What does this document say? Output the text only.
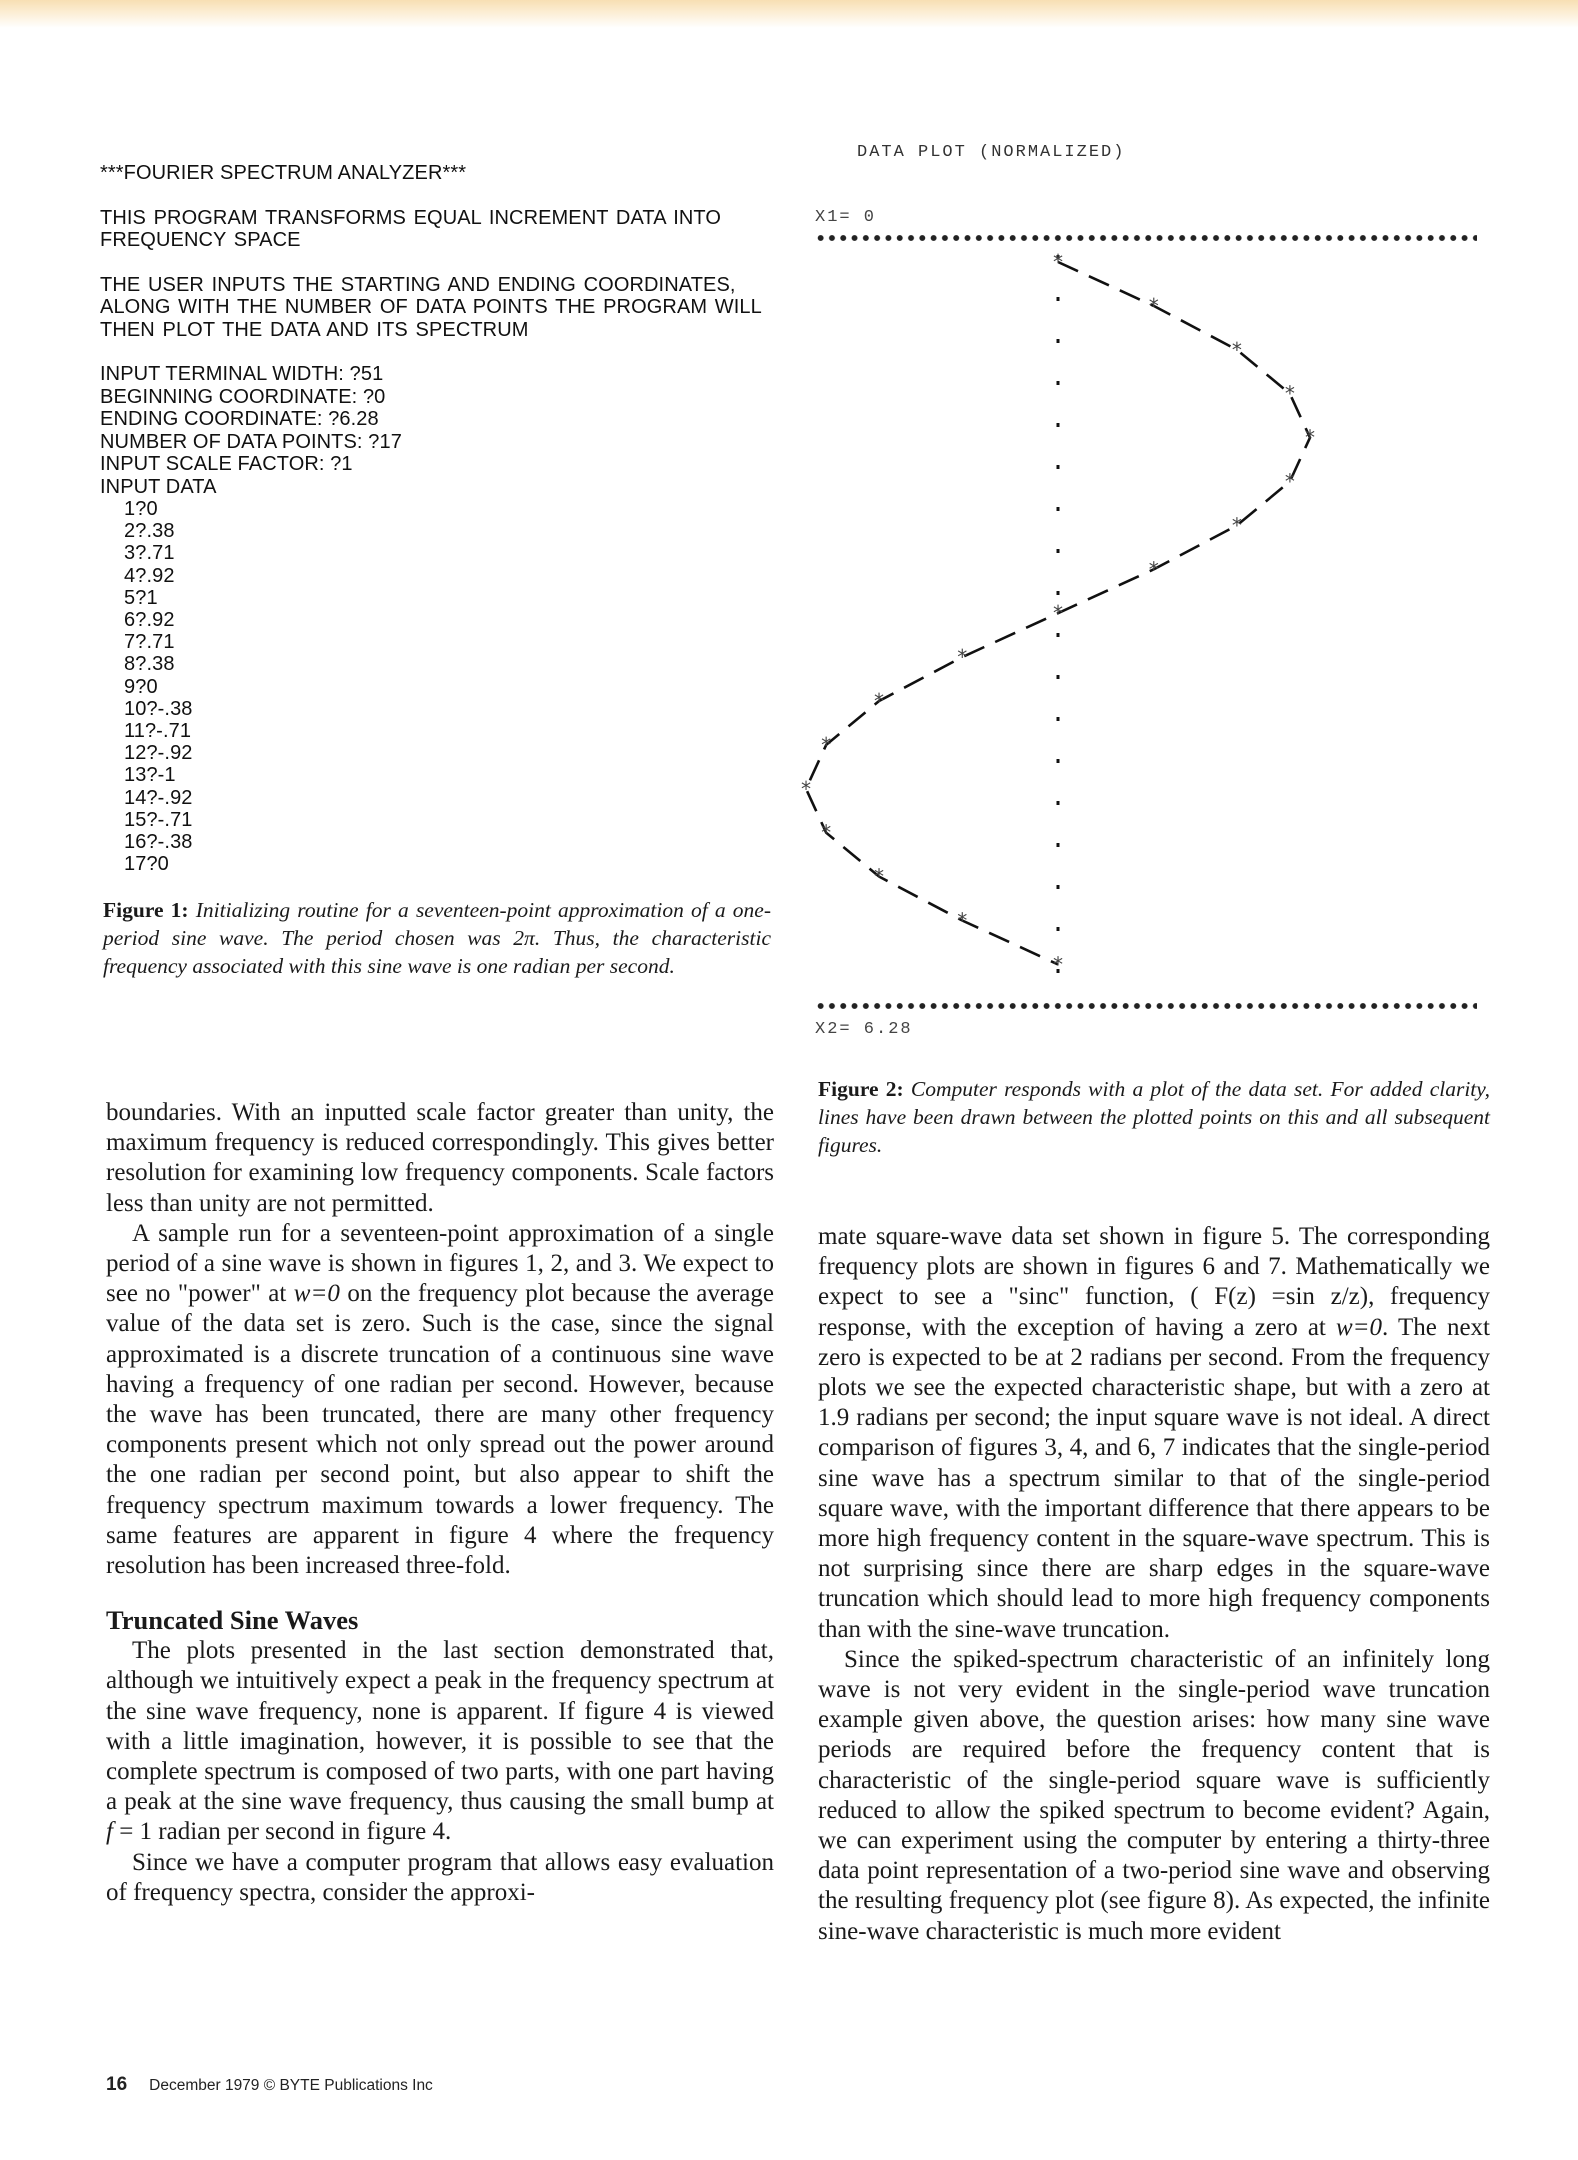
***FOURIER SPECTRUM ANALYZER***
THIS PROGRAM TRANSFORMS EQUAL INCREMENT DATA INTO FREQUENCY SPACE
THE USER INPUTS THE STARTING AND ENDING COORDINATES, ALONG WITH THE NUMBER OF DATA POINTS THE PROGRAM WILL THEN PLOT THE DATA AND ITS SPECTRUM
INPUT TERMINAL WIDTH: ?51
BEGINNING COORDINATE: ?0
ENDING COORDINATE: ?6.28
NUMBER OF DATA POINTS: ?17
INPUT SCALE FACTOR: ?1
INPUT DATA
1?0
2?.38
3?.71
4?.92
5?1
6?.92
7?.71
8?.38
9?0
10?-.38
11?-.71
12?-.92
13?-1
14?-.92
15?-.71
16?-.38
17?0
Figure 1: Initializing routine for a seventeen-point approximation of a one-period sine wave. The period chosen was 2π. Thus, the characteristic frequency associated with this sine wave is one radian per second.
DATA PLOT (NORMALIZED)
X1= 0
X2= 6.28
*
*
*
*
*
*
*
*
*
*
*
*
*
*
*
*
*
Figure 2: Computer responds with a plot of the data set. For added clarity, lines have been drawn between the plotted points on this and all subsequent figures.

boundaries. With an inputted scale factor greater than unity, the maximum frequency is reduced correspondingly. This gives better resolution for examining low frequency components. Scale factors less than unity are not permitted.

A sample run for a seventeen-point approximation of a single period of a sine wave is shown in figures 1, 2, and 3. We expect to see no "power" at w=0 on the frequency plot because the average value of the data set is zero. Such is the case, since the signal approximated is a discrete truncation of a continuous sine wave having a frequency of one radian per second. However, because the wave has been truncated, there are many other frequency components present which not only spread out the power around the one radian per second point, but also appear to shift the frequency spectrum maximum towards a lower frequency. The same features are apparent in figure 4 where the frequency resolution has been increased three-fold.

Truncated Sine Waves

The plots presented in the last section demonstrated that, although we intuitively expect a peak in the frequency spectrum at the sine wave frequency, none is apparent. If figure 4 is viewed with a little imagination, however, it is possible to see that the complete spectrum is composed of two parts, with one part having a peak at the sine wave frequency, thus causing the small bump at f = 1 radian per second in figure 4.

Since we have a computer program that allows easy evaluation of frequency spectra, consider the approxi-

mate square-wave data set shown in figure 5. The corresponding frequency plots are shown in figures 6 and 7. Mathematically we expect to see a "sinc" function, ( F(z) =sin z/z), frequency response, with the exception of having a zero at w=0. The next zero is expected to be at 2 radians per second. From the frequency plots we see the expected characteristic shape, but with a zero at 1.9 radians per second; the input square wave is not ideal. A direct comparison of figures 3, 4, and 6, 7 indicates that the single-period sine wave has a spectrum similar to that of the single-period square wave, with the important difference that there appears to be more high frequency content in the square-wave spectrum. This is not surprising since there are sharp edges in the square-wave truncation which should lead to more high frequency components than with the sine-wave truncation.

Since the spiked-spectrum characteristic of an infinitely long wave is not very evident in the single-period wave truncation example given above, the question arises: how many sine wave periods are required before the frequency content that is characteristic of the single-period square wave is sufficiently reduced to allow the spiked spectrum to become evident? Again, we can experiment using the computer by entering a thirty-three data point representation of a two-period sine wave and observing the resulting frequency plot (see figure 8). As expected, the infinite sine-wave characteristic is much more evident

16 December 1979 © BYTE Publications Inc
